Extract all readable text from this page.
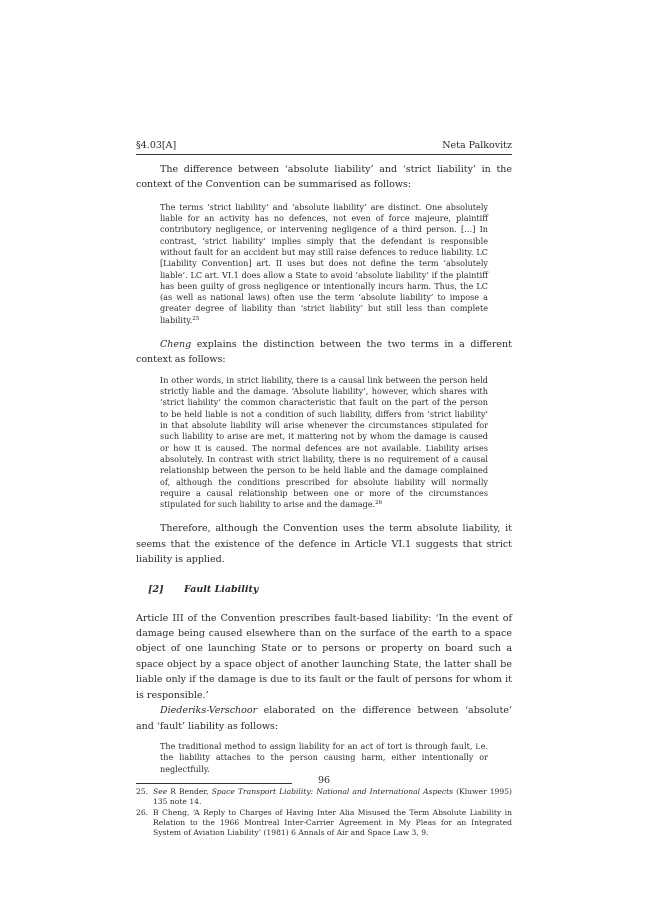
§4.03[A]	Neta Palkovitz

The difference between ‘absolute liability’ and ‘strict liability’ in the context of the Convention can be summarised as follows:

The terms ‘strict liability’ and ‘absolute liability’ are distinct. One absolutely liable for an activity has no defences, not even of force majeure, plaintiff contributory negligence, or intervening negligence of a third person. […] In contrast, ‘strict liability’ implies simply that the defendant is responsible without fault for an accident but may still raise defences to reduce liability. LC [Liability Convention] art. II uses but does not define the term ‘absolutely liable’. LC art. VI.1 does allow a State to avoid ‘absolute liability’ if the plaintiff has been guilty of gross negligence or intentionally incurs harm. Thus, the LC (as well as national laws) often use the term ‘absolute liability’ to impose a greater degree of liability than ‘strict liability’ but still less than complete liability.$^{25}$

Cheng explains the distinction between the two terms in a different context as follows:

In other words, in strict liability, there is a causal link between the person held strictly liable and the damage. ‘Absolute liability’, however, which shares with ‘strict liability’ the common characteristic that fault on the part of the person to be held liable is not a condition of such liability, differs from ‘strict liability’ in that absolute liability will arise whenever the circumstances stipulated for such liability to arise are met, it mattering not by whom the damage is caused or how it is caused. The normal defences are not available. Liability arises absolutely. In contrast with strict liability, there is no requirement of a causal relationship between the person to be held liable and the damage complained of, although the conditions prescribed for absolute liability will normally require a causal relationship between one or more of the circumstances stipulated for such liability to arise and the damage.$^{26}$

Therefore, although the Convention uses the term absolute liability, it seems that the existence of the defence in Article VI.1 suggests that strict liability is applied.

[2] Fault Liability

Article III of the Convention prescribes fault-based liability: ‘In the event of damage being caused elsewhere than on the surface of the earth to a space object of one launching State or to persons or property on board such a space object by a space object of another launching State, the latter shall be liable only if the damage is due to its fault or the fault of persons for whom it is responsible.’

Diederiks-Verschoor elaborated on the difference between ‘absolute’ and ‘fault’ liability as follows:

The traditional method to assign liability for an act of tort is through fault, i.e. the liability attaches to the person causing harm, either intentionally or neglectfully.
25. See R Bender, Space Transport Liability: National and International Aspects (Kluwer 1995) 135 note 14.
26. B Cheng, ‘A Reply to Charges of Having Inter Alia Misused the Term Absolute Liability in Relation to the 1966 Montreal Inter-Carrier Agreement in My Pleas for an Integrated System of Aviation Liability’ (1981) 6 Annals of Air and Space Law 3, 9.
96
